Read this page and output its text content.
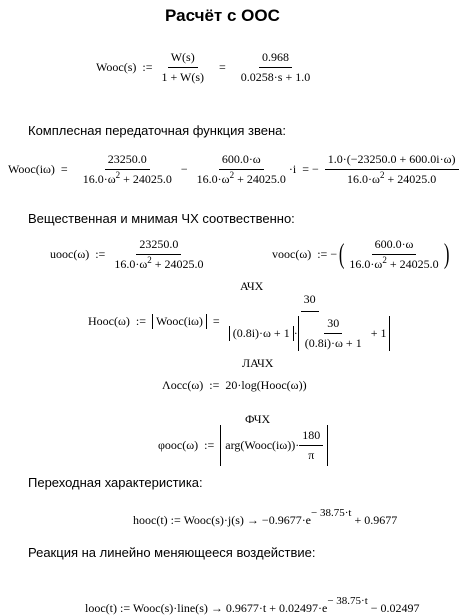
Расчёт с ООС
Wooc(s) := $\frac{W(s)}{1 + W(s)} = \frac{0.968}{0.0258\cdot s + 1.0}$
Комплесная передаточная функция звена:
Wooc(iω) = $\frac{23250.0}{16.0\cdot\omega^2 + 24025.0} - \frac{600.0\cdot\omega}{16.0\cdot\omega^2 + 24025.0} \cdot i$ = − $\frac{1.0\cdot(-23250.0 + 600.0i\cdot\omega)}{16.0\cdot\omega^2 + 24025.0}$
Вещественная и мнимая ЧХ соотвественно:
uooc(ω) := $\frac{23250.0}{16.0\cdot\omega^2 + 24025.0}$	vooc(ω) := − ( $\frac{600.0\cdot\omega}{16.0\cdot\omega^2 + 24025.0}$ )
АЧХ
Hooc(ω) := Wooc(iω) =
30
$(0.8i)\cdot\omega + 1 \cdot \frac{30}{(0.8i)\cdot\omega + 1} + 1$
ЛАЧХ
Λocc(ω) := 20·log(Hooc(ω))
ФЧХ
φooc(ω) := arg(Wooc(iω))· $\frac{180}{\pi}$
Переходная характеристика:
hooc(t) := Wooc(s)·j(s) → −0.9677·e− 38.75·t + 0.9677
Реакция на линейно меняющееся воздействие:
looc(t) := Wooc(s)·line(s) → 0.9677·t + 0.02497·e− 38.75·t − 0.02497
